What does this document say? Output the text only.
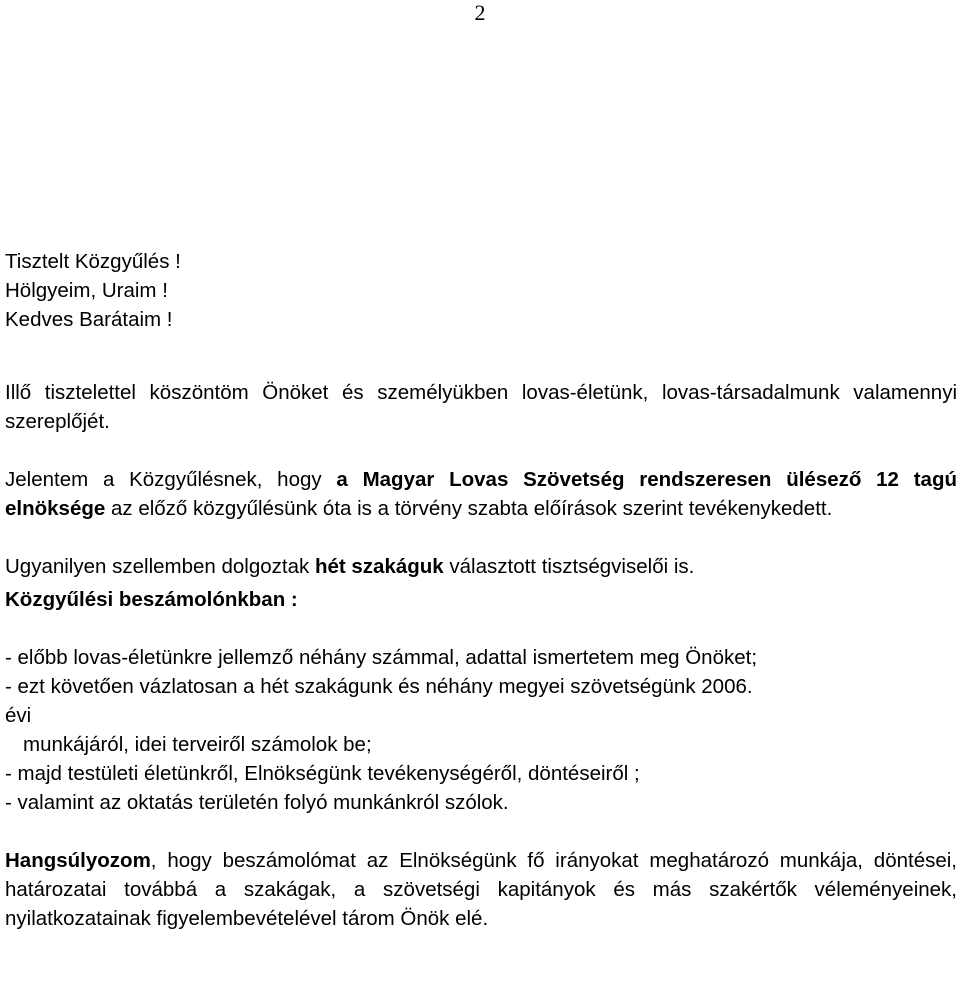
2

Tisztelt Közgyűlés !

Hölgyeim, Uraim !

Kedves Barátaim !

Illő tisztelettel köszöntöm Önöket és személyükben lovas-életünk, lovas-társadalmunk valamennyi szereplőjét.

Jelentem a Közgyűlésnek, hogy a Magyar Lovas Szövetség rendszeresen ülésező 12 tagú elnöksége az előző közgyűlésünk óta is a törvény szabta előírások szerint tevékenykedett.

Ugyanilyen szellemben dolgoztak hét szakáguk választott tisztségviselői is.

Közgyűlési beszámolónkban :

- előbb lovas-életünkre jellemző néhány számmal, adattal ismertetem meg Önöket;

- ezt követően vázlatosan a hét szakágunk és néhány megyei szövetségünk 2006.

évi

munkájáról, idei terveiről számolok be;

- majd testületi életünkről, Elnökségünk tevékenységéről, döntéseiről ;

- valamint az oktatás területén folyó munkánkról szólok.

Hangsúlyozom, hogy beszámolómat az Elnökségünk fő irányokat meghatározó munkája, döntései, határozatai továbbá a szakágak, a szövetségi kapitányok és más szakértők véleményeinek, nyilatkozatainak figyelembevételével tárom Önök elé.
